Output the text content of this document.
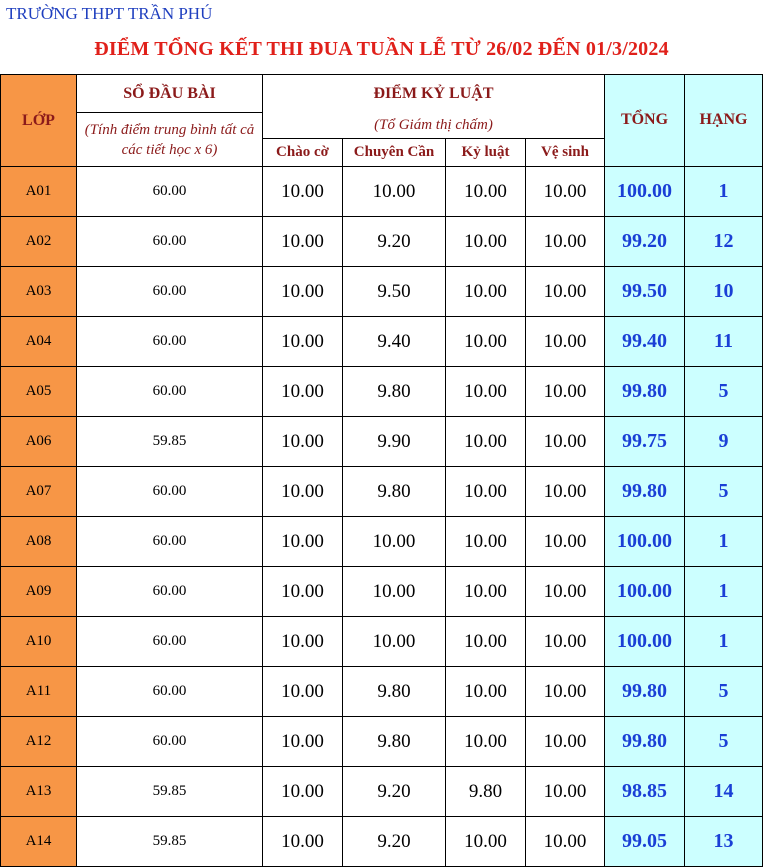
TRƯỜNG THPT TRẦN PHÚ
ĐIỂM TỔNG KẾT THI ĐUA TUẦN LỄ TỪ 26/02 ĐẾN 01/3/2024
LỚP	SỔ ĐẦU BÀI	ĐIỂM KỶ LUẬT				TỔNG	HẠNG
	(Tính điểm trung bình tất cả các tiết học x 6)	(Tổ Giám thị chấm)					
		Chào cờ	Chuyên Cần	Kỷ luật	Vệ sinh		
A01	60.00	10.00	10.00	10.00	10.00	100.00	1
A02	60.00	10.00	9.20	10.00	10.00	99.20	12
A03	60.00	10.00	9.50	10.00	10.00	99.50	10
A04	60.00	10.00	9.40	10.00	10.00	99.40	11
A05	60.00	10.00	9.80	10.00	10.00	99.80	5
A06	59.85	10.00	9.90	10.00	10.00	99.75	9
A07	60.00	10.00	9.80	10.00	10.00	99.80	5
A08	60.00	10.00	10.00	10.00	10.00	100.00	1
A09	60.00	10.00	10.00	10.00	10.00	100.00	1
A10	60.00	10.00	10.00	10.00	10.00	100.00	1
A11	60.00	10.00	9.80	10.00	10.00	99.80	5
A12	60.00	10.00	9.80	10.00	10.00	99.80	5
A13	59.85	10.00	9.20	9.80	10.00	98.85	14
A14	59.85	10.00	9.20	10.00	10.00	99.05	13
